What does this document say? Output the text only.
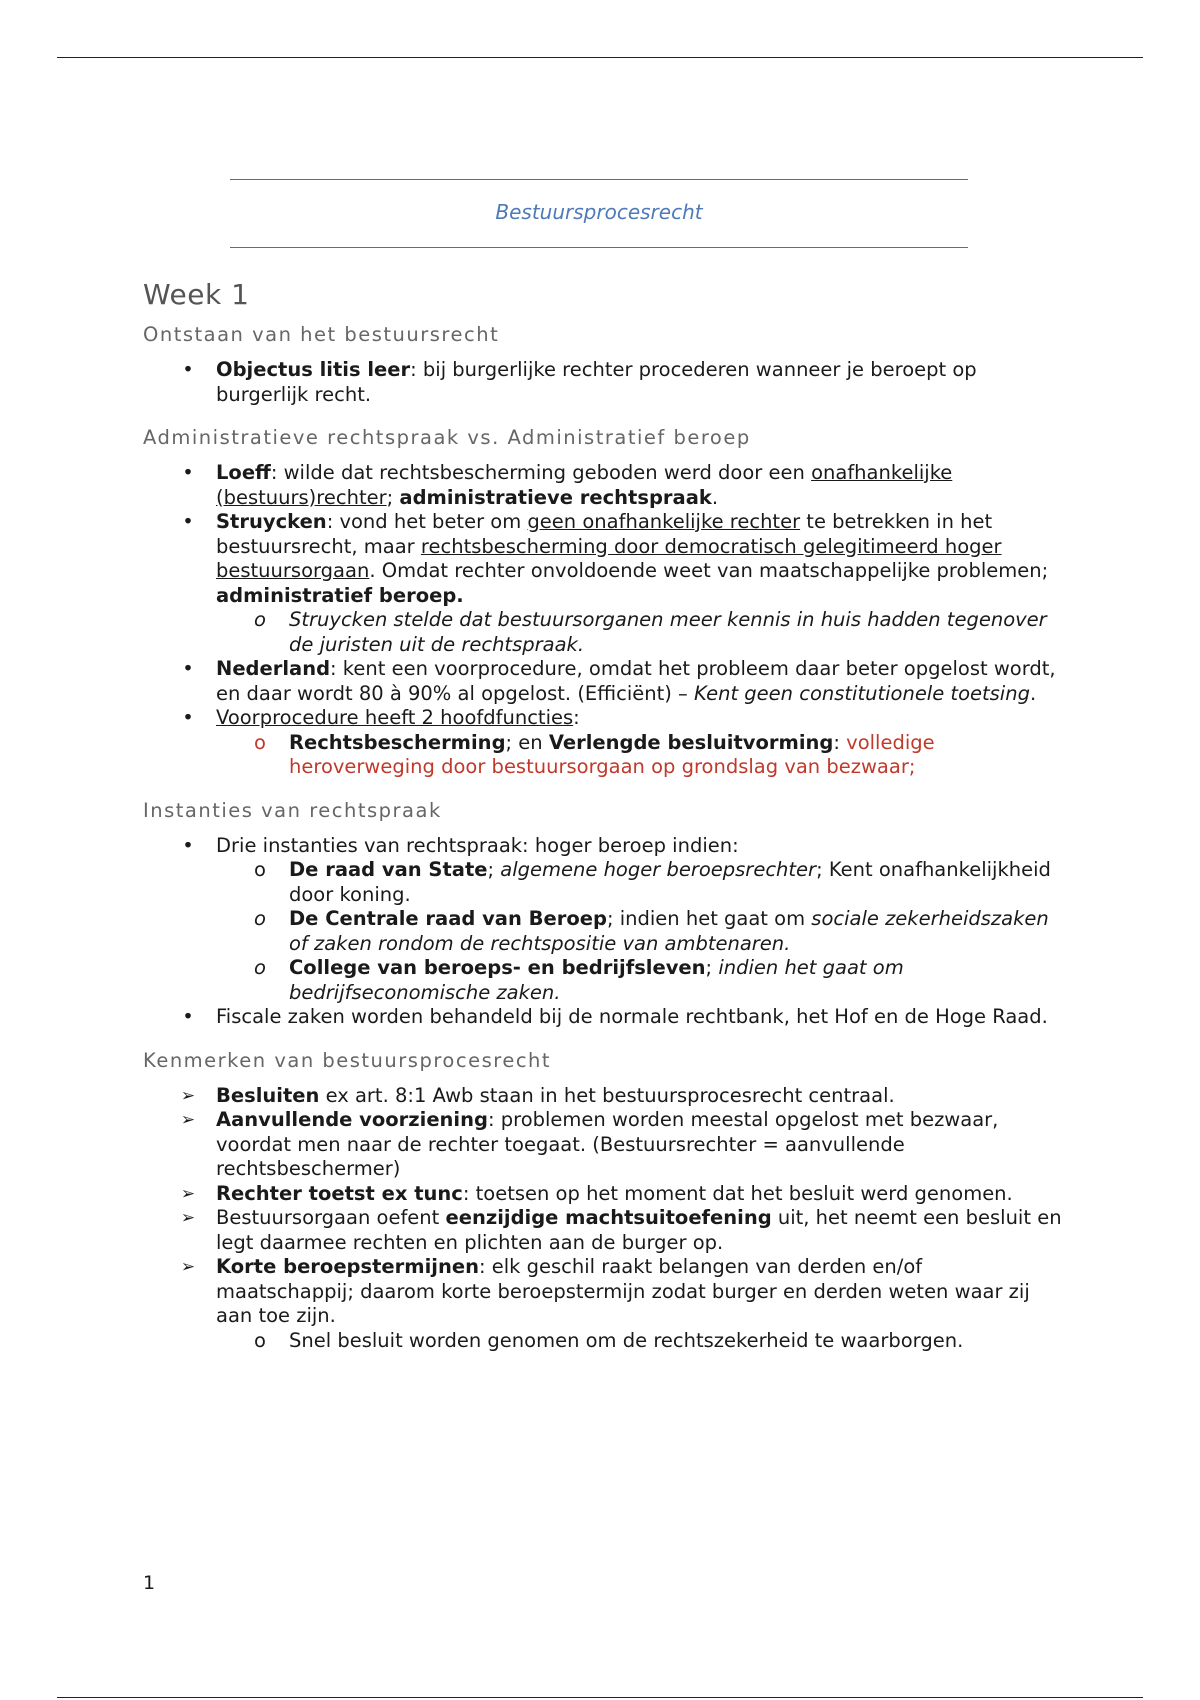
Bestuursprocesrecht
Week 1
Ontstaan van het bestuursrecht
• Objectus litis leer: bij burgerlijke rechter procederen wanneer je beroept op burgerlijk recht.
Administratieve rechtspraak vs. Administratief beroep
• Loeff: wilde dat rechtsbescherming geboden werd door een onafhankelijke (bestuurs)rechter; administratieve rechtspraak.
• Struycken: vond het beter om geen onafhankelijke rechter te betrekken in het bestuursrecht, maar rechtsbescherming door democratisch gelegitimeerd hoger bestuursorgaan. Omdat rechter onvoldoende weet van maatschappelijke problemen; administratief beroep.
o Struycken stelde dat bestuursorganen meer kennis in huis hadden tegenover de juristen uit de rechtspraak.
• Nederland: kent een voorprocedure, omdat het probleem daar beter opgelost wordt, en daar wordt 80 à 90% al opgelost. (Efficiënt) – Kent geen constitutionele toetsing.
• Voorprocedure heeft 2 hoofdfuncties:
o Rechtsbescherming; en Verlengde besluitvorming: volledige heroverweging door bestuursorgaan op grondslag van bezwaar;
Instanties van rechtspraak
• Drie instanties van rechtspraak: hoger beroep indien:
o De raad van State; algemene hoger beroepsrechter; Kent onafhankelijkheid door koning.
o De Centrale raad van Beroep; indien het gaat om sociale zekerheidszaken of zaken rondom de rechtspositie van ambtenaren.
o College van beroeps- en bedrijfsleven; indien het gaat om bedrijfseconomische zaken.
• Fiscale zaken worden behandeld bij de normale rechtbank, het Hof en de Hoge Raad.
Kenmerken van bestuursprocesrecht
➢ Besluiten ex art. 8:1 Awb staan in het bestuursprocesrecht centraal.
➢ Aanvullende voorziening: problemen worden meestal opgelost met bezwaar, voordat men naar de rechter toegaat. (Bestuursrechter = aanvullende rechtsbeschermer)
➢ Rechter toetst ex tunc: toetsen op het moment dat het besluit werd genomen.
➢ Bestuursorgaan oefent eenzijdige machtsuitoefening uit, het neemt een besluit en legt daarmee rechten en plichten aan de burger op.
➢ Korte beroepstermijnen: elk geschil raakt belangen van derden en/of maatschappij; daarom korte beroepstermijn zodat burger en derden weten waar zij aan toe zijn.
o Snel besluit worden genomen om de rechtszekerheid te waarborgen.
1
